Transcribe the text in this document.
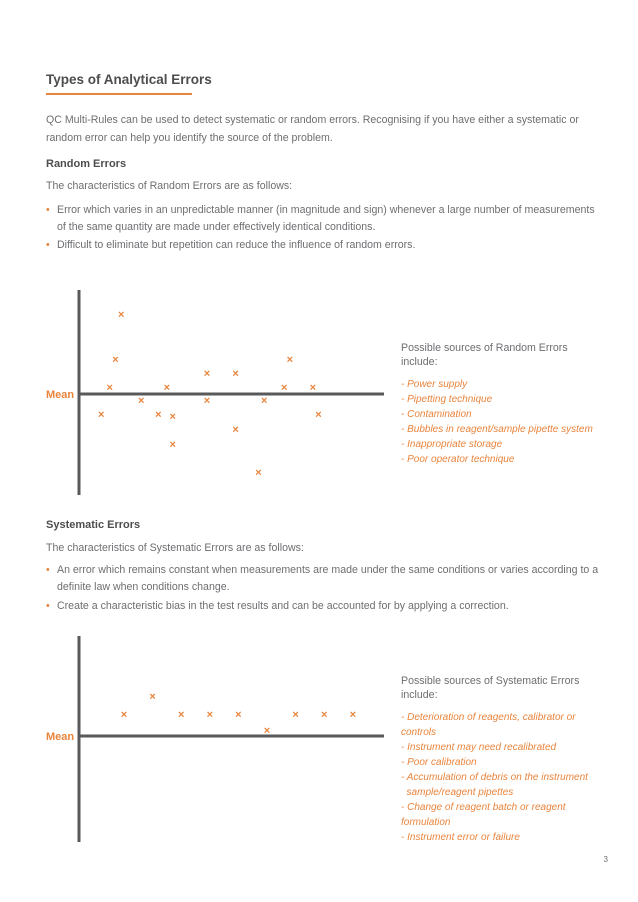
Types of Analytical Errors

QC Multi-Rules can be used to detect systematic or random errors. Recognising if you have either a systematic or random error can help you identify the source of the problem.

Random Errors

The characteristics of Random Errors are as follows:

• Error which varies in an unpredictable manner (in magnitude and sign) whenever a large number of measurements of the same quantity are made under effectively identical conditions.
• Difficult to eliminate but repetition can reduce the influence of random errors.
Mean
×
×
×
×
×
×
×
×
×
×
×
×
×
×
×
×
× ×
×

Possible sources of Random Errors include:

- Power supply
- Pipetting technique
- Contamination
- Bubbles in reagent/sample pipette system
- Inappropriate storage
- Poor operator technique
Systematic Errors

The characteristics of Systematic Errors are as follows:

• An error which remains constant when measurements are made under the same conditions or varies according to a definite law when conditions change.
• Create a characteristic bias in the test results and can be accounted for by applying a correction.
Mean
×
×
× × ×
×
× × ×

Possible sources of Systematic Errors include:

- Deterioration of reagents, calibrator or controls
- Instrument may need recalibrated
- Poor calibration
- Accumulation of debris on the instrument
sample/reagent pipettes
- Change of reagent batch or reagent formulation
- Instrument error or failure
3
